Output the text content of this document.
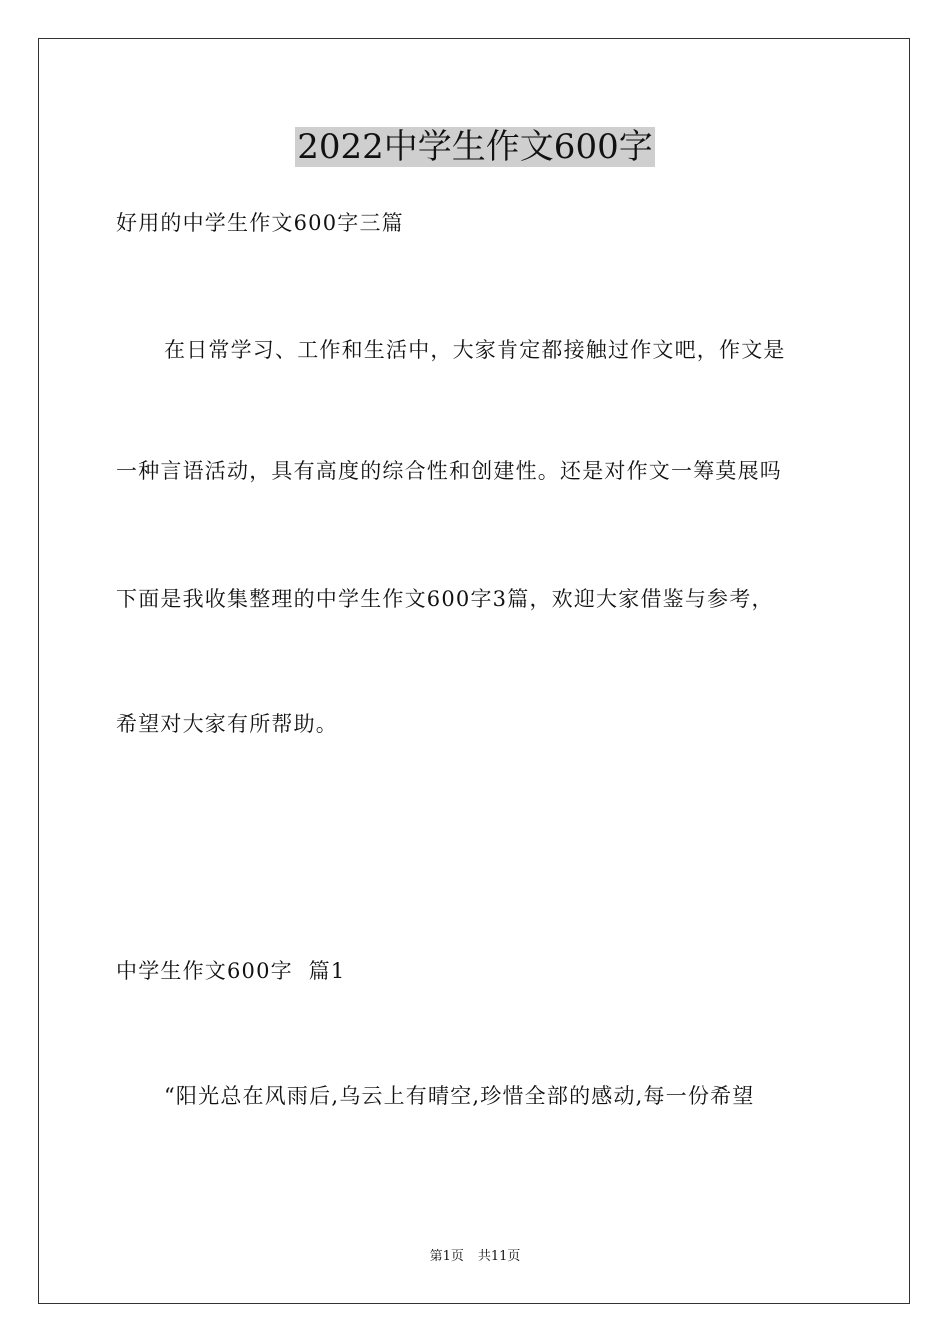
2022中学生作文600字

好用的中学生作文600字三篇

在日常学习、工作和生活中，大家肯定都接触过作文吧，作文是

一种言语活动，具有高度的综合性和创建性。还是对作文一筹莫展吗

下面是我收集整理的中学生作文600字3篇，欢迎大家借鉴与参考，

希望对大家有所帮助。

中学生作文600字  篇1

“阳光总在风雨后,乌云上有晴空,珍惜全部的感动,每一份希望

第1页 共11页
